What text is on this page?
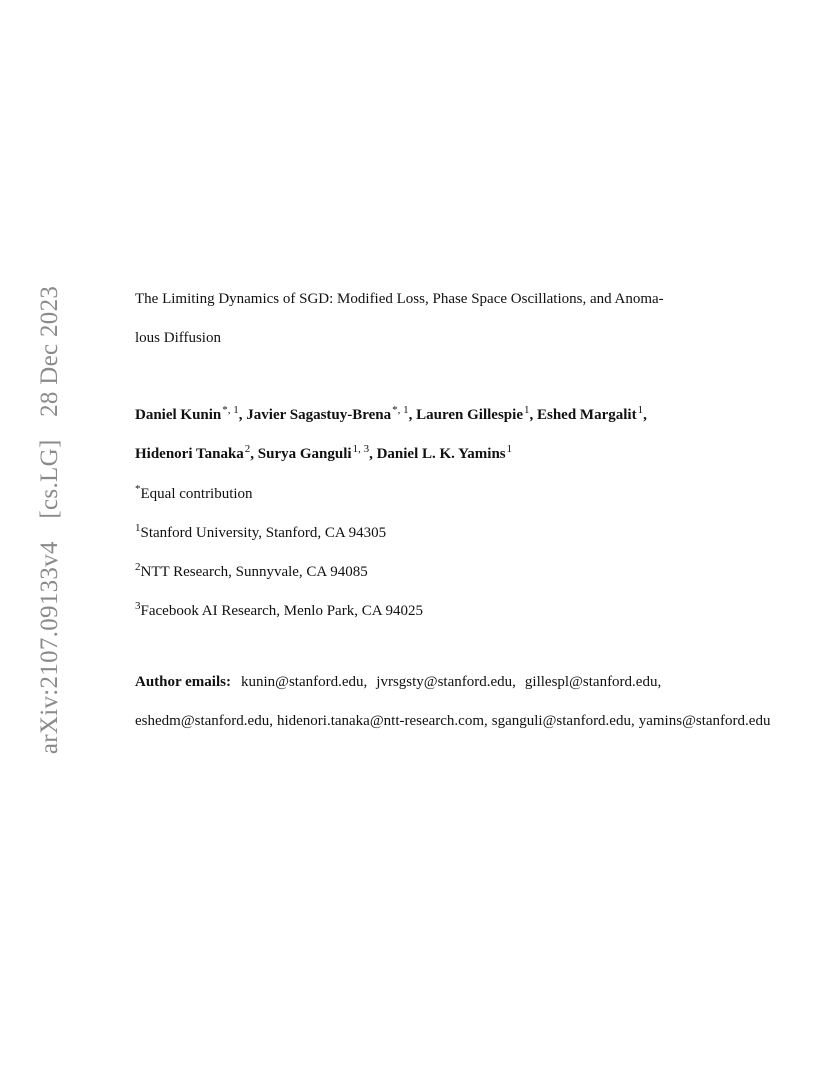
arXiv:2107.09133v4 [cs.LG] 28 Dec 2023	The Limiting Dynamics of SGD: Modified Loss, Phase Space Oscillations, and Anoma-
lous Diffusion
Daniel Kunin$^{*, 1}$, Javier Sagastuy-Brena$^{*, 1}$, Lauren Gillespie$^1$, Eshed Margalit$^1$,
Hidenori Tanaka$^2$, Surya Ganguli$^{1, 3}$, Daniel L. K. Yamins$^1$
*Equal contribution
$^1$Stanford University, Stanford, CA 94305
$^2$NTT Research, Sunnyvale, CA 94085
$^3$Facebook AI Research, Menlo Park, CA 94025
Author emails: kunin@stanford.edu, jvrsgsty@stanford.edu, gillespl@stanford.edu,
eshedm@stanford.edu, hidenori.tanaka@ntt-research.com, sganguli@stanford.edu, yamins@stanford.edu
